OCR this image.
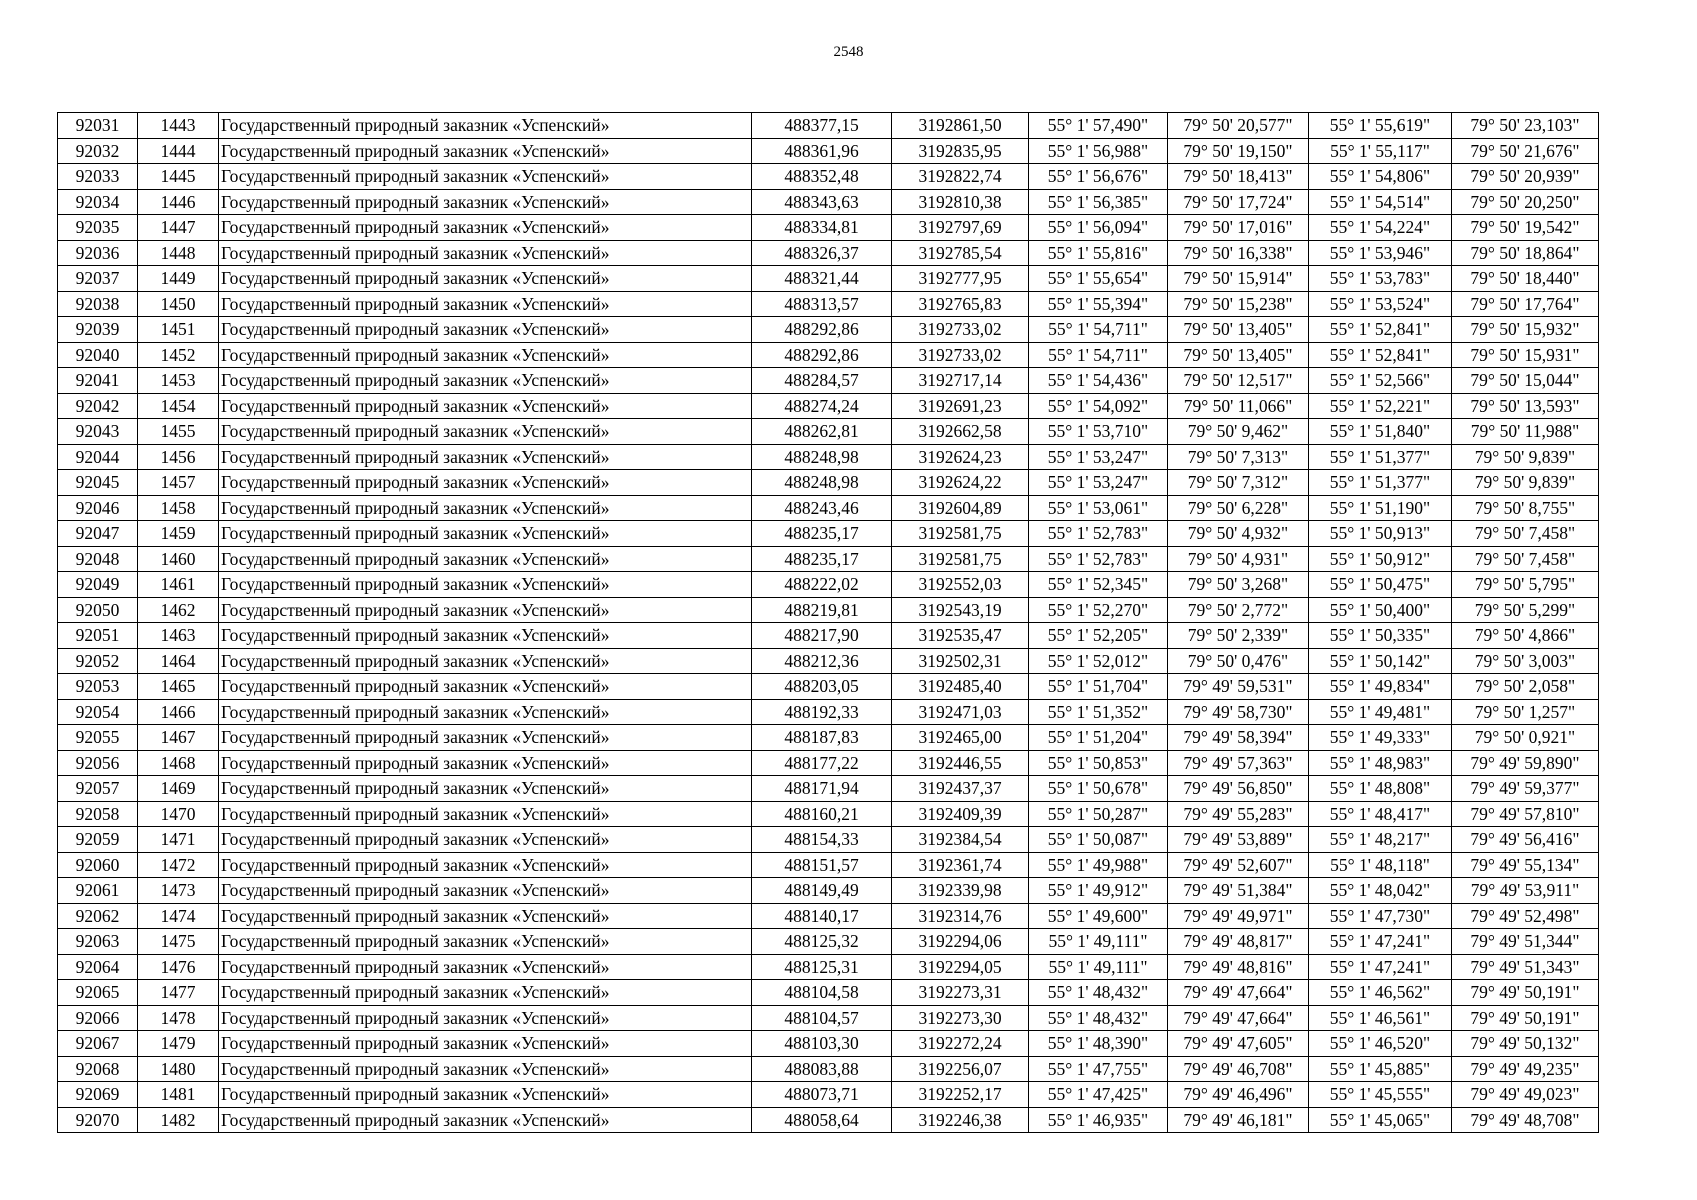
2548
92031	1443	Государственный природный заказник «Успенский»	488377,15	3192861,50	55° 1' 57,490"	79° 50' 20,577"	55° 1' 55,619"	79° 50' 23,103"
92032	1444	Государственный природный заказник «Успенский»	488361,96	3192835,95	55° 1' 56,988"	79° 50' 19,150"	55° 1' 55,117"	79° 50' 21,676"
92033	1445	Государственный природный заказник «Успенский»	488352,48	3192822,74	55° 1' 56,676"	79° 50' 18,413"	55° 1' 54,806"	79° 50' 20,939"
92034	1446	Государственный природный заказник «Успенский»	488343,63	3192810,38	55° 1' 56,385"	79° 50' 17,724"	55° 1' 54,514"	79° 50' 20,250"
92035	1447	Государственный природный заказник «Успенский»	488334,81	3192797,69	55° 1' 56,094"	79° 50' 17,016"	55° 1' 54,224"	79° 50' 19,542"
92036	1448	Государственный природный заказник «Успенский»	488326,37	3192785,54	55° 1' 55,816"	79° 50' 16,338"	55° 1' 53,946"	79° 50' 18,864"
92037	1449	Государственный природный заказник «Успенский»	488321,44	3192777,95	55° 1' 55,654"	79° 50' 15,914"	55° 1' 53,783"	79° 50' 18,440"
92038	1450	Государственный природный заказник «Успенский»	488313,57	3192765,83	55° 1' 55,394"	79° 50' 15,238"	55° 1' 53,524"	79° 50' 17,764"
92039	1451	Государственный природный заказник «Успенский»	488292,86	3192733,02	55° 1' 54,711"	79° 50' 13,405"	55° 1' 52,841"	79° 50' 15,932"
92040	1452	Государственный природный заказник «Успенский»	488292,86	3192733,02	55° 1' 54,711"	79° 50' 13,405"	55° 1' 52,841"	79° 50' 15,931"
92041	1453	Государственный природный заказник «Успенский»	488284,57	3192717,14	55° 1' 54,436"	79° 50' 12,517"	55° 1' 52,566"	79° 50' 15,044"
92042	1454	Государственный природный заказник «Успенский»	488274,24	3192691,23	55° 1' 54,092"	79° 50' 11,066"	55° 1' 52,221"	79° 50' 13,593"
92043	1455	Государственный природный заказник «Успенский»	488262,81	3192662,58	55° 1' 53,710"	79° 50' 9,462"	55° 1' 51,840"	79° 50' 11,988"
92044	1456	Государственный природный заказник «Успенский»	488248,98	3192624,23	55° 1' 53,247"	79° 50' 7,313"	55° 1' 51,377"	79° 50' 9,839"
92045	1457	Государственный природный заказник «Успенский»	488248,98	3192624,22	55° 1' 53,247"	79° 50' 7,312"	55° 1' 51,377"	79° 50' 9,839"
92046	1458	Государственный природный заказник «Успенский»	488243,46	3192604,89	55° 1' 53,061"	79° 50' 6,228"	55° 1' 51,190"	79° 50' 8,755"
92047	1459	Государственный природный заказник «Успенский»	488235,17	3192581,75	55° 1' 52,783"	79° 50' 4,932"	55° 1' 50,913"	79° 50' 7,458"
92048	1460	Государственный природный заказник «Успенский»	488235,17	3192581,75	55° 1' 52,783"	79° 50' 4,931"	55° 1' 50,912"	79° 50' 7,458"
92049	1461	Государственный природный заказник «Успенский»	488222,02	3192552,03	55° 1' 52,345"	79° 50' 3,268"	55° 1' 50,475"	79° 50' 5,795"
92050	1462	Государственный природный заказник «Успенский»	488219,81	3192543,19	55° 1' 52,270"	79° 50' 2,772"	55° 1' 50,400"	79° 50' 5,299"
92051	1463	Государственный природный заказник «Успенский»	488217,90	3192535,47	55° 1' 52,205"	79° 50' 2,339"	55° 1' 50,335"	79° 50' 4,866"
92052	1464	Государственный природный заказник «Успенский»	488212,36	3192502,31	55° 1' 52,012"	79° 50' 0,476"	55° 1' 50,142"	79° 50' 3,003"
92053	1465	Государственный природный заказник «Успенский»	488203,05	3192485,40	55° 1' 51,704"	79° 49' 59,531"	55° 1' 49,834"	79° 50' 2,058"
92054	1466	Государственный природный заказник «Успенский»	488192,33	3192471,03	55° 1' 51,352"	79° 49' 58,730"	55° 1' 49,481"	79° 50' 1,257"
92055	1467	Государственный природный заказник «Успенский»	488187,83	3192465,00	55° 1' 51,204"	79° 49' 58,394"	55° 1' 49,333"	79° 50' 0,921"
92056	1468	Государственный природный заказник «Успенский»	488177,22	3192446,55	55° 1' 50,853"	79° 49' 57,363"	55° 1' 48,983"	79° 49' 59,890"
92057	1469	Государственный природный заказник «Успенский»	488171,94	3192437,37	55° 1' 50,678"	79° 49' 56,850"	55° 1' 48,808"	79° 49' 59,377"
92058	1470	Государственный природный заказник «Успенский»	488160,21	3192409,39	55° 1' 50,287"	79° 49' 55,283"	55° 1' 48,417"	79° 49' 57,810"
92059	1471	Государственный природный заказник «Успенский»	488154,33	3192384,54	55° 1' 50,087"	79° 49' 53,889"	55° 1' 48,217"	79° 49' 56,416"
92060	1472	Государственный природный заказник «Успенский»	488151,57	3192361,74	55° 1' 49,988"	79° 49' 52,607"	55° 1' 48,118"	79° 49' 55,134"
92061	1473	Государственный природный заказник «Успенский»	488149,49	3192339,98	55° 1' 49,912"	79° 49' 51,384"	55° 1' 48,042"	79° 49' 53,911"
92062	1474	Государственный природный заказник «Успенский»	488140,17	3192314,76	55° 1' 49,600"	79° 49' 49,971"	55° 1' 47,730"	79° 49' 52,498"
92063	1475	Государственный природный заказник «Успенский»	488125,32	3192294,06	55° 1' 49,111"	79° 49' 48,817"	55° 1' 47,241"	79° 49' 51,344"
92064	1476	Государственный природный заказник «Успенский»	488125,31	3192294,05	55° 1' 49,111"	79° 49' 48,816"	55° 1' 47,241"	79° 49' 51,343"
92065	1477	Государственный природный заказник «Успенский»	488104,58	3192273,31	55° 1' 48,432"	79° 49' 47,664"	55° 1' 46,562"	79° 49' 50,191"
92066	1478	Государственный природный заказник «Успенский»	488104,57	3192273,30	55° 1' 48,432"	79° 49' 47,664"	55° 1' 46,561"	79° 49' 50,191"
92067	1479	Государственный природный заказник «Успенский»	488103,30	3192272,24	55° 1' 48,390"	79° 49' 47,605"	55° 1' 46,520"	79° 49' 50,132"
92068	1480	Государственный природный заказник «Успенский»	488083,88	3192256,07	55° 1' 47,755"	79° 49' 46,708"	55° 1' 45,885"	79° 49' 49,235"
92069	1481	Государственный природный заказник «Успенский»	488073,71	3192252,17	55° 1' 47,425"	79° 49' 46,496"	55° 1' 45,555"	79° 49' 49,023"
92070	1482	Государственный природный заказник «Успенский»	488058,64	3192246,38	55° 1' 46,935"	79° 49' 46,181"	55° 1' 45,065"	79° 49' 48,708"
